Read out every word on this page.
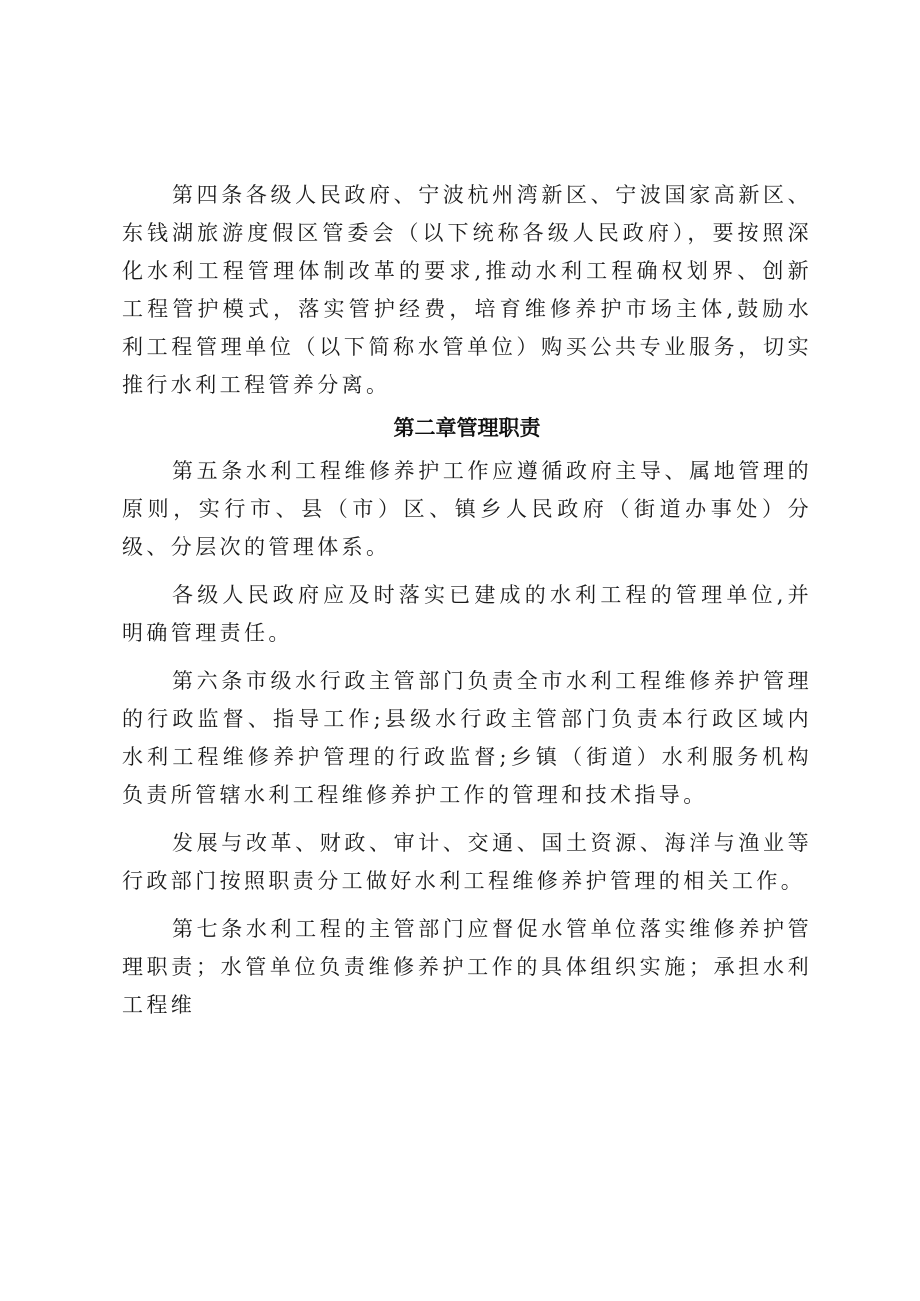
第四条各级人民政府、宁波杭州湾新区、宁波国家高新区、东钱湖旅游度假区管委会（以下统称各级人民政府），要按照深化水利工程管理体制改革的要求,推动水利工程确权划界、创新工程管护模式，落实管护经费，培育维修养护市场主体,鼓励水利工程管理单位（以下简称水管单位）购买公共专业服务，切实推行水利工程管养分离。

第二章管理职责

第五条水利工程维修养护工作应遵循政府主导、属地管理的原则，实行市、县（市）区、镇乡人民政府（街道办事处）分级、分层次的管理体系。

各级人民政府应及时落实已建成的水利工程的管理单位,并明确管理责任。

第六条市级水行政主管部门负责全市水利工程维修养护管理的行政监督、指导工作;县级水行政主管部门负责本行政区域内水利工程维修养护管理的行政监督;乡镇（街道）水利服务机构负责所管辖水利工程维修养护工作的管理和技术指导。

发展与改革、财政、审计、交通、国土资源、海洋与渔业等行政部门按照职责分工做好水利工程维修养护管理的相关工作。

第七条水利工程的主管部门应督促水管单位落实维修养护管理职责；水管单位负责维修养护工作的具体组织实施；承担水利工程维
